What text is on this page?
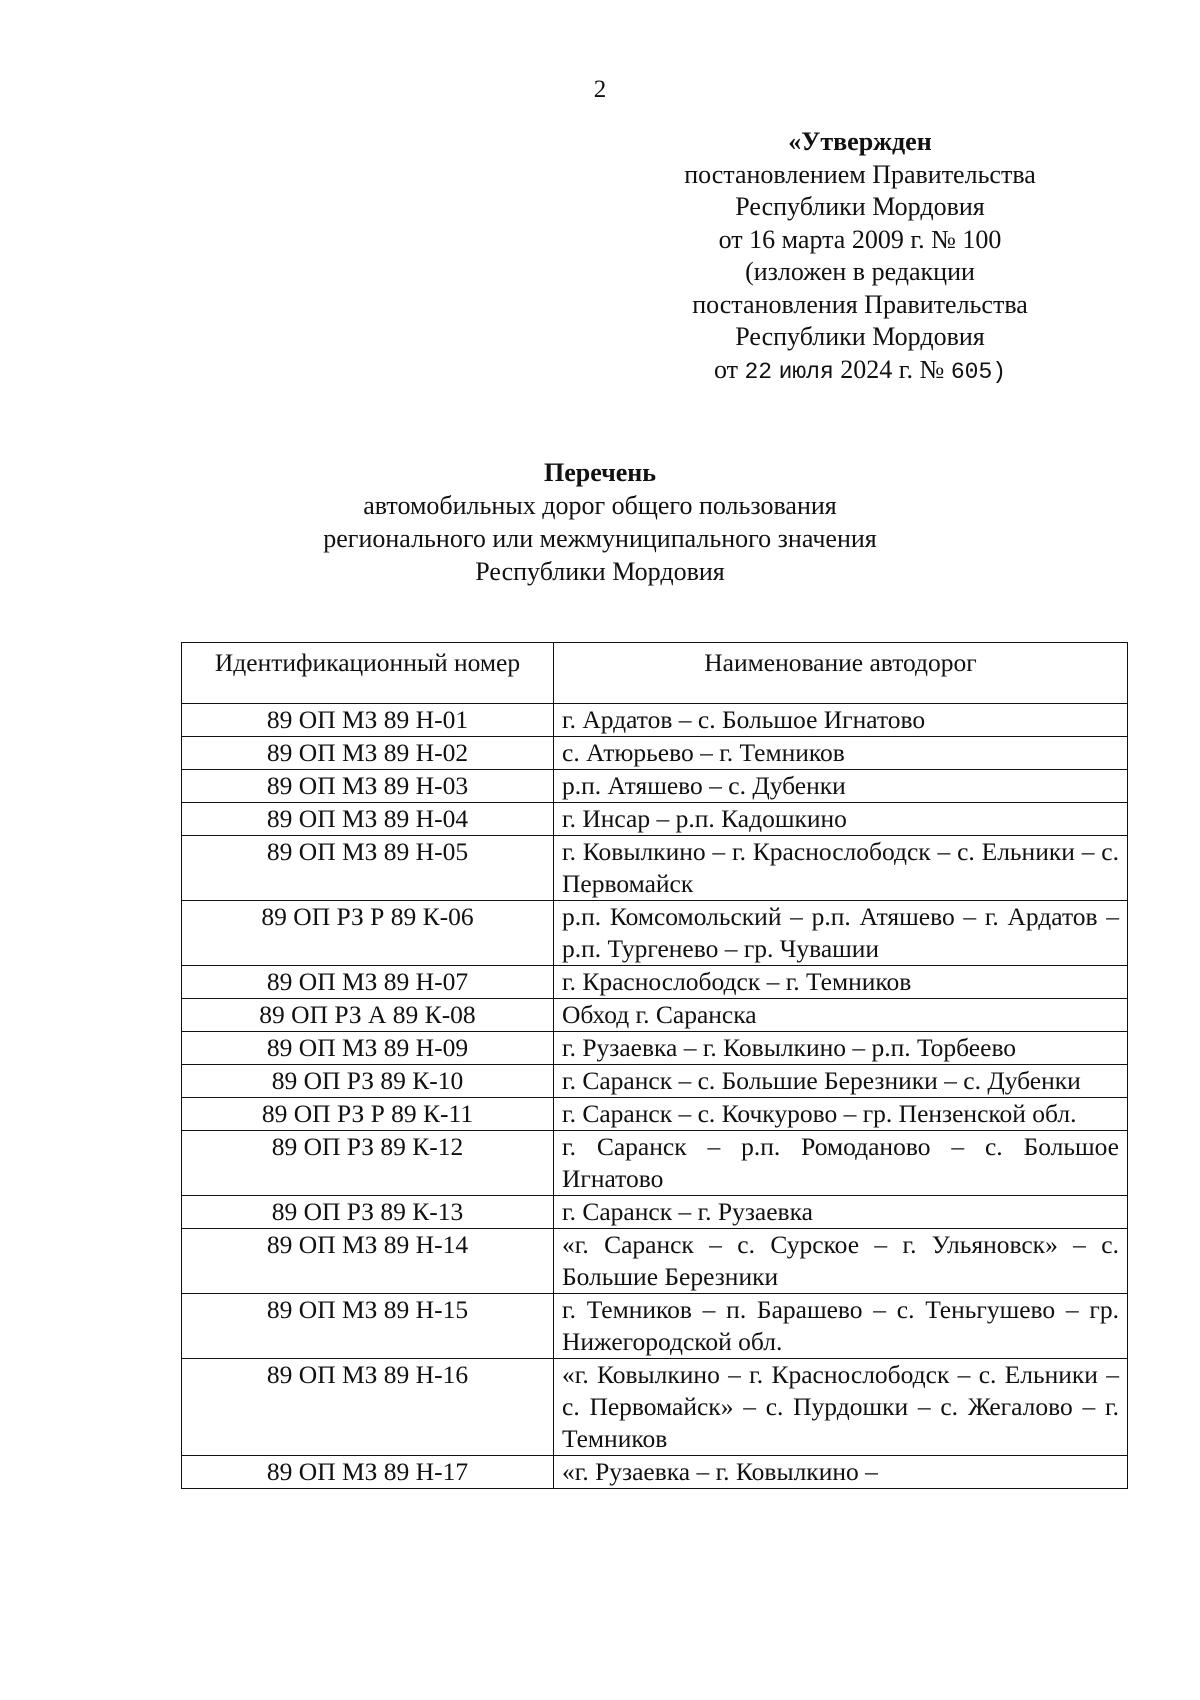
2
«Утвержден
постановлением Правительства
Республики Мордовия
от 16 марта 2009 г. № 100
(изложен в редакции
постановления Правительства
Республики Мордовия
от 22 июля 2024 г. № 605)
Перечень
автомобильных дорог общего пользования
регионального или межмуниципального значения
Республики Мордовия
Идентификационный номер	Наименование автодорог
89 ОП МЗ 89 Н-01	г. Ардатов – с. Большое Игнатово
89 ОП МЗ 89 Н-02	с. Атюрьево – г. Темников
89 ОП МЗ 89 Н-03	р.п. Атяшево – с. Дубенки
89 ОП МЗ 89 Н-04	г. Инсар – р.п. Кадошкино
89 ОП МЗ 89 Н-05	г. Ковылкино – г. Краснослободск – с. Ельники – с. Первомайск
89 ОП РЗ Р 89 К-06	р.п. Комсомольский – р.п. Атяшево – г. Ардатов – р.п. Тургенево – гр. Чувашии
89 ОП МЗ 89 Н-07	г. Краснослободск – г. Темников
89 ОП РЗ А 89 К-08	Обход г. Саранска
89 ОП МЗ 89 Н-09	г. Рузаевка – г. Ковылкино – р.п. Торбеево
89 ОП РЗ 89 К-10	г. Саранск – с. Большие Березники – с. Дубенки
89 ОП РЗ Р 89 К-11	г. Саранск – с. Кочкурово – гр. Пензенской обл.
89 ОП РЗ 89 К-12	г. Саранск – р.п. Ромоданово – с. Большое Игнатово
89 ОП РЗ 89 К-13	г. Саранск – г. Рузаевка
89 ОП МЗ 89 Н-14	«г. Саранск – с. Сурское – г. Ульяновск» – с. Большие Березники
89 ОП МЗ 89 Н-15	г. Темников – п. Барашево – с. Теньгушево – гр. Нижегородской обл.
89 ОП МЗ 89 Н-16	«г. Ковылкино – г. Краснослободск – с. Ельники – с. Первомайск» – с. Пурдошки – с. Жегалово – г. Темников
89 ОП МЗ 89 Н-17	«г. Рузаевка – г. Ковылкино –
